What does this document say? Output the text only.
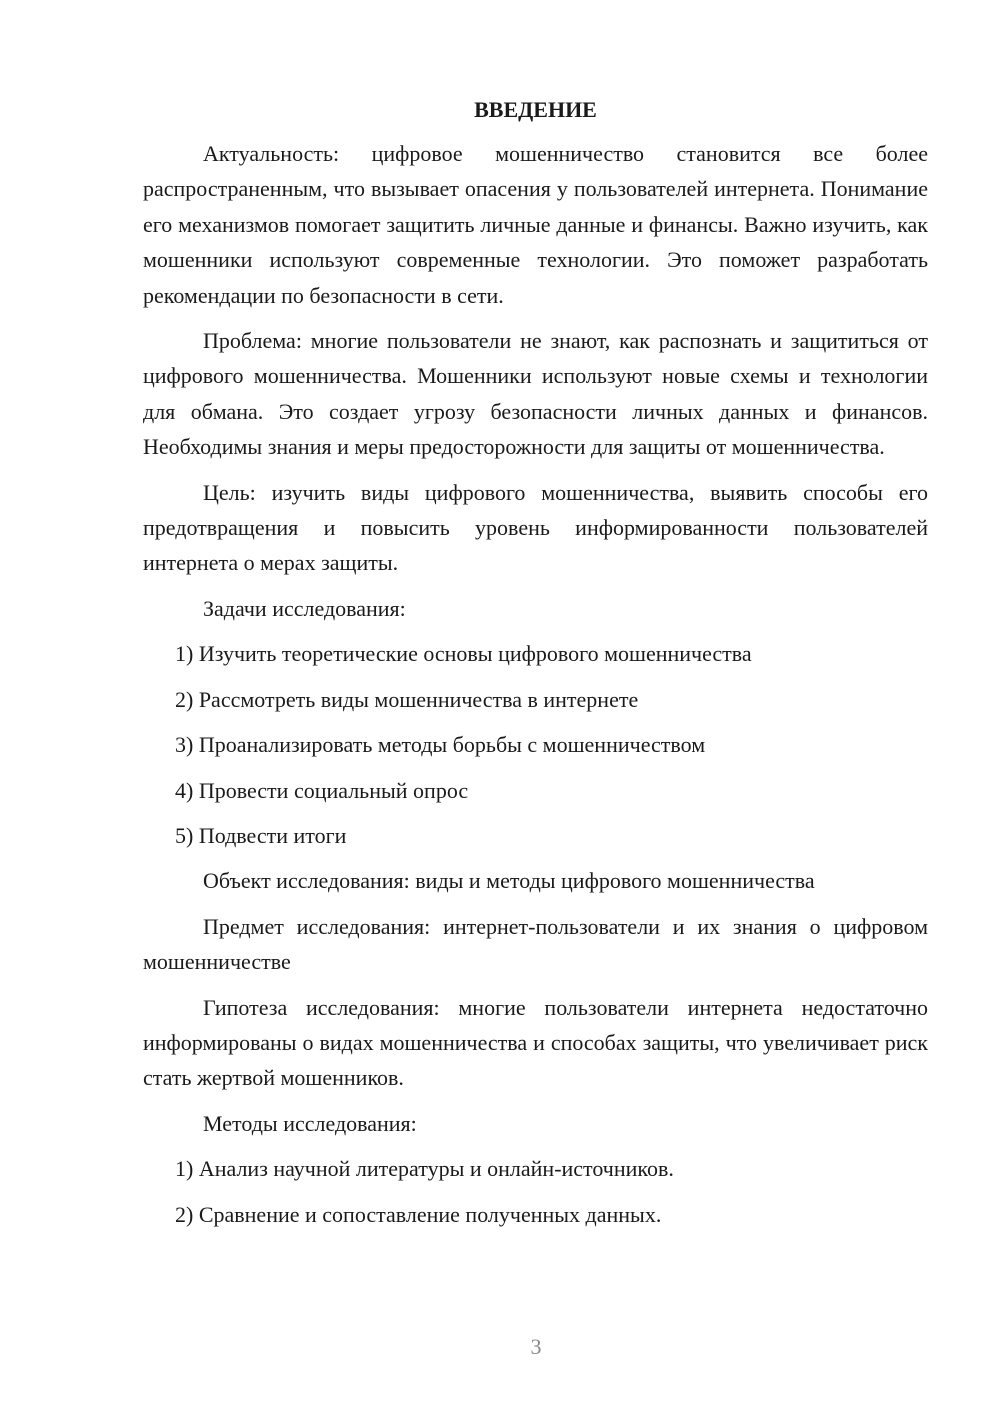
ВВЕДЕНИЕ

Актуальность: цифровое мошенничество становится все более распространенным, что вызывает опасения у пользователей интернета. Понимание его механизмов помогает защитить личные данные и финансы. Важно изучить, как мошенники используют современные технологии. Это поможет разработать рекомендации по безопасности в сети.

Проблема: многие пользователи не знают, как распознать и защититься от цифрового мошенничества. Мошенники используют новые схемы и технологии для обмана. Это создает угрозу безопасности личных данных и финансов. Необходимы знания и меры предосторожности для защиты от мошенничества.

Цель: изучить виды цифрового мошенничества, выявить способы его предотвращения и повысить уровень информированности пользователей интернета о мерах защиты.

Задачи исследования:

1) Изучить теоретические основы цифрового мошенничества

2) Рассмотреть виды мошенничества в интернете

3) Проанализировать методы борьбы с мошенничеством

4) Провести социальный опрос

5) Подвести итоги

Объект исследования: виды и методы цифрового мошенничества

Предмет исследования: интернет-пользователи и их знания о цифровом мошенничестве

Гипотеза исследования: многие пользователи интернета недостаточно информированы о видах мошенничества и способах защиты, что увеличивает риск стать жертвой мошенников.

Методы исследования:

1) Анализ научной литературы и онлайн-источников.

2) Сравнение и сопоставление полученных данных.

3
